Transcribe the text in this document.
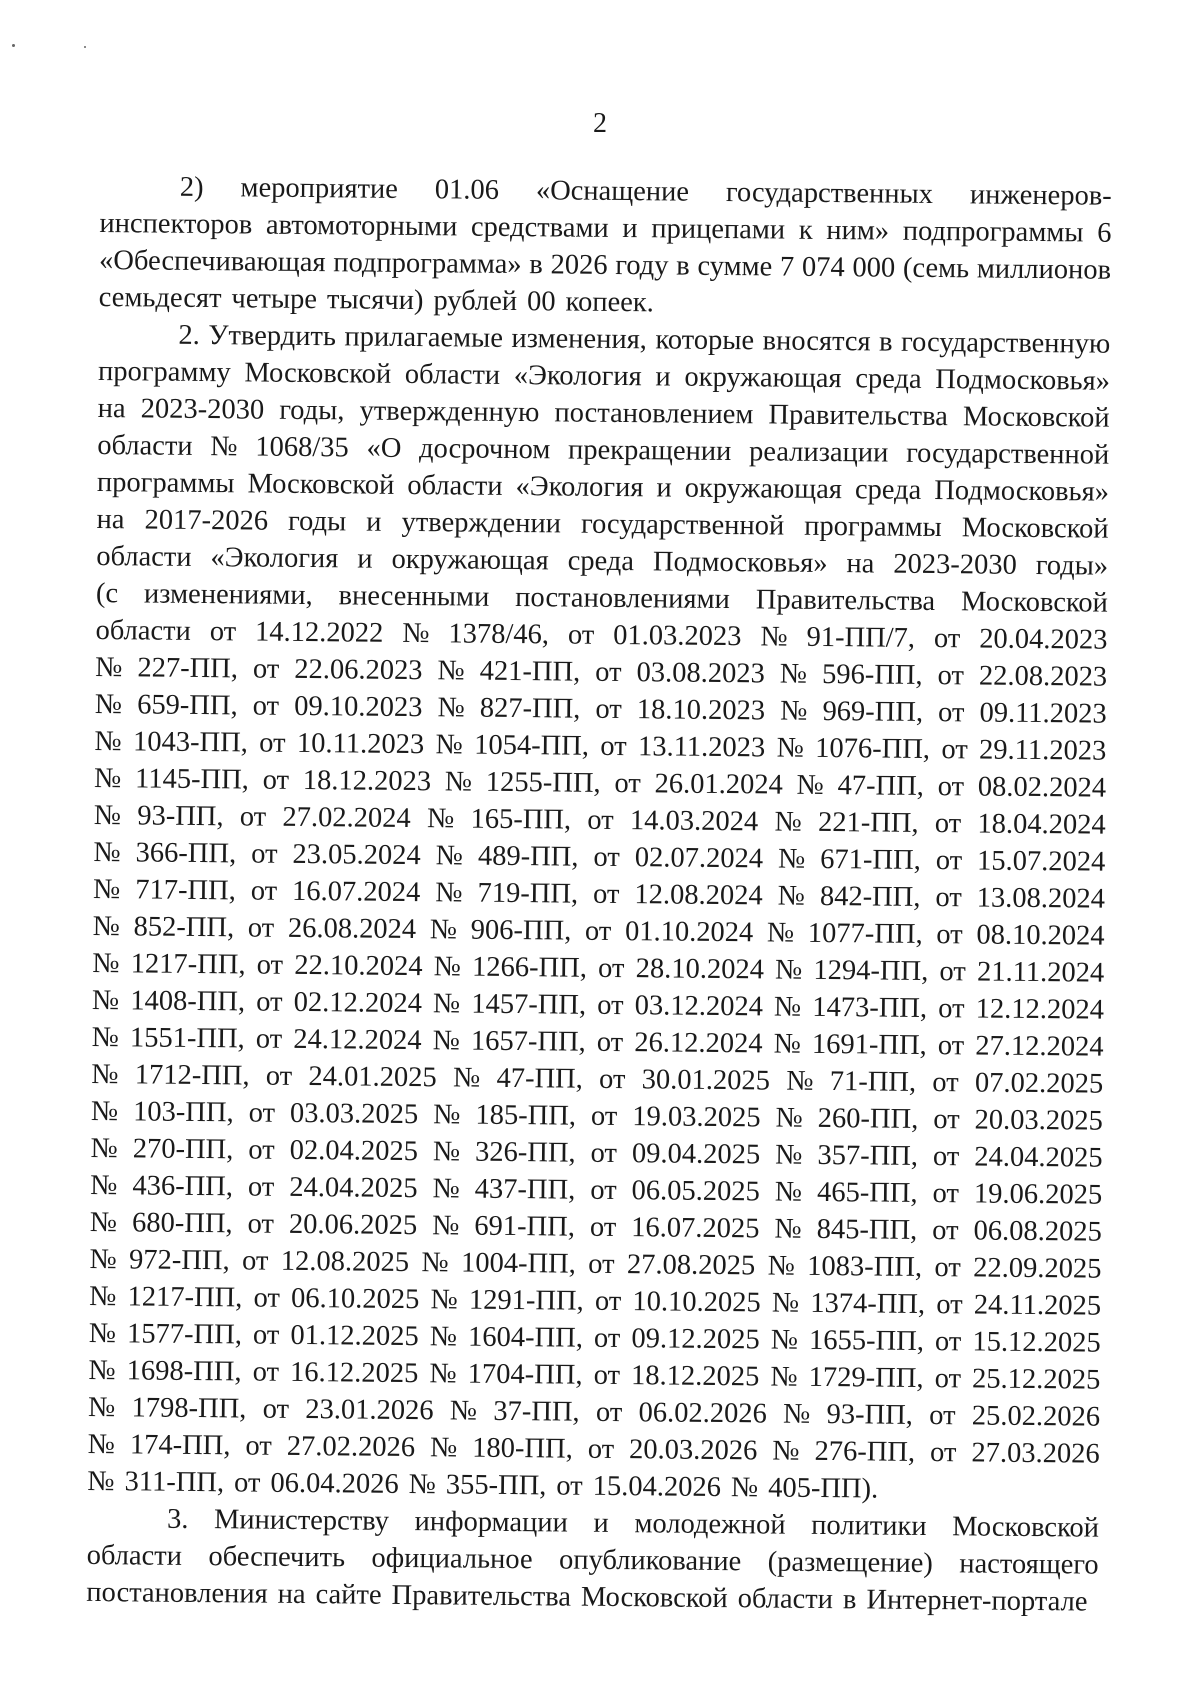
2
2) мероприятие 01.06 «Оснащение государственных инженеров-
инспекторов автомоторными средствами и прицепами к ним» подпрограммы 6
«Обеспечивающая подпрограмма» в 2026 году в сумме 7 074 000 (семь миллионов
семьдесят четыре тысячи) рублей 00 копеек.
2. Утвердить прилагаемые изменения, которые вносятся в государственную
программу Московской области «Экология и окружающая среда Подмосковья»
на 2023-2030 годы, утвержденную постановлением Правительства Московской
области № 1068/35 «О досрочном прекращении реализации государственной
программы Московской области «Экология и окружающая среда Подмосковья»
на 2017-2026 годы и утверждении государственной программы Московской
области «Экология и окружающая среда Подмосковья» на 2023-2030 годы»
(с изменениями, внесенными постановлениями Правительства Московской
области от 14.12.2022 № 1378/46, от 01.03.2023 № 91-ПП/7, от 20.04.2023
№ 227-ПП, от 22.06.2023 № 421-ПП, от 03.08.2023 № 596-ПП, от 22.08.2023
№ 659-ПП, от 09.10.2023 № 827-ПП, от 18.10.2023 № 969-ПП, от 09.11.2023
№ 1043-ПП, от 10.11.2023 № 1054-ПП, от 13.11.2023 № 1076-ПП, от 29.11.2023
№ 1145-ПП, от 18.12.2023 № 1255-ПП, от 26.01.2024 № 47-ПП, от 08.02.2024
№ 93-ПП, от 27.02.2024 № 165-ПП, от 14.03.2024 № 221-ПП, от 18.04.2024
№ 366-ПП, от 23.05.2024 № 489-ПП, от 02.07.2024 № 671-ПП, от 15.07.2024
№ 717-ПП, от 16.07.2024 № 719-ПП, от 12.08.2024 № 842-ПП, от 13.08.2024
№ 852-ПП, от 26.08.2024 № 906-ПП, от 01.10.2024 № 1077-ПП, от 08.10.2024
№ 1217-ПП, от 22.10.2024 № 1266-ПП, от 28.10.2024 № 1294-ПП, от 21.11.2024
№ 1408-ПП, от 02.12.2024 № 1457-ПП, от 03.12.2024 № 1473-ПП, от 12.12.2024
№ 1551-ПП, от 24.12.2024 № 1657-ПП, от 26.12.2024 № 1691-ПП, от 27.12.2024
№ 1712-ПП, от 24.01.2025 № 47-ПП, от 30.01.2025 № 71-ПП, от 07.02.2025
№ 103-ПП, от 03.03.2025 № 185-ПП, от 19.03.2025 № 260-ПП, от 20.03.2025
№ 270-ПП, от 02.04.2025 № 326-ПП, от 09.04.2025 № 357-ПП, от 24.04.2025
№ 436-ПП, от 24.04.2025 № 437-ПП, от 06.05.2025 № 465-ПП, от 19.06.2025
№ 680-ПП, от 20.06.2025 № 691-ПП, от 16.07.2025 № 845-ПП, от 06.08.2025
№ 972-ПП, от 12.08.2025 № 1004-ПП, от 27.08.2025 № 1083-ПП, от 22.09.2025
№ 1217-ПП, от 06.10.2025 № 1291-ПП, от 10.10.2025 № 1374-ПП, от 24.11.2025
№ 1577-ПП, от 01.12.2025 № 1604-ПП, от 09.12.2025 № 1655-ПП, от 15.12.2025
№ 1698-ПП, от 16.12.2025 № 1704-ПП, от 18.12.2025 № 1729-ПП, от 25.12.2025
№ 1798-ПП, от 23.01.2026 № 37-ПП, от 06.02.2026 № 93-ПП, от 25.02.2026
№ 174-ПП, от 27.02.2026 № 180-ПП, от 20.03.2026 № 276-ПП, от 27.03.2026
№ 311-ПП, от 06.04.2026 № 355-ПП, от 15.04.2026 № 405-ПП).
3. Министерству информации и молодежной политики Московской
области обеспечить официальное опубликование (размещение) настоящего
постановления на сайте Правительства Московской области в Интернет-портале
